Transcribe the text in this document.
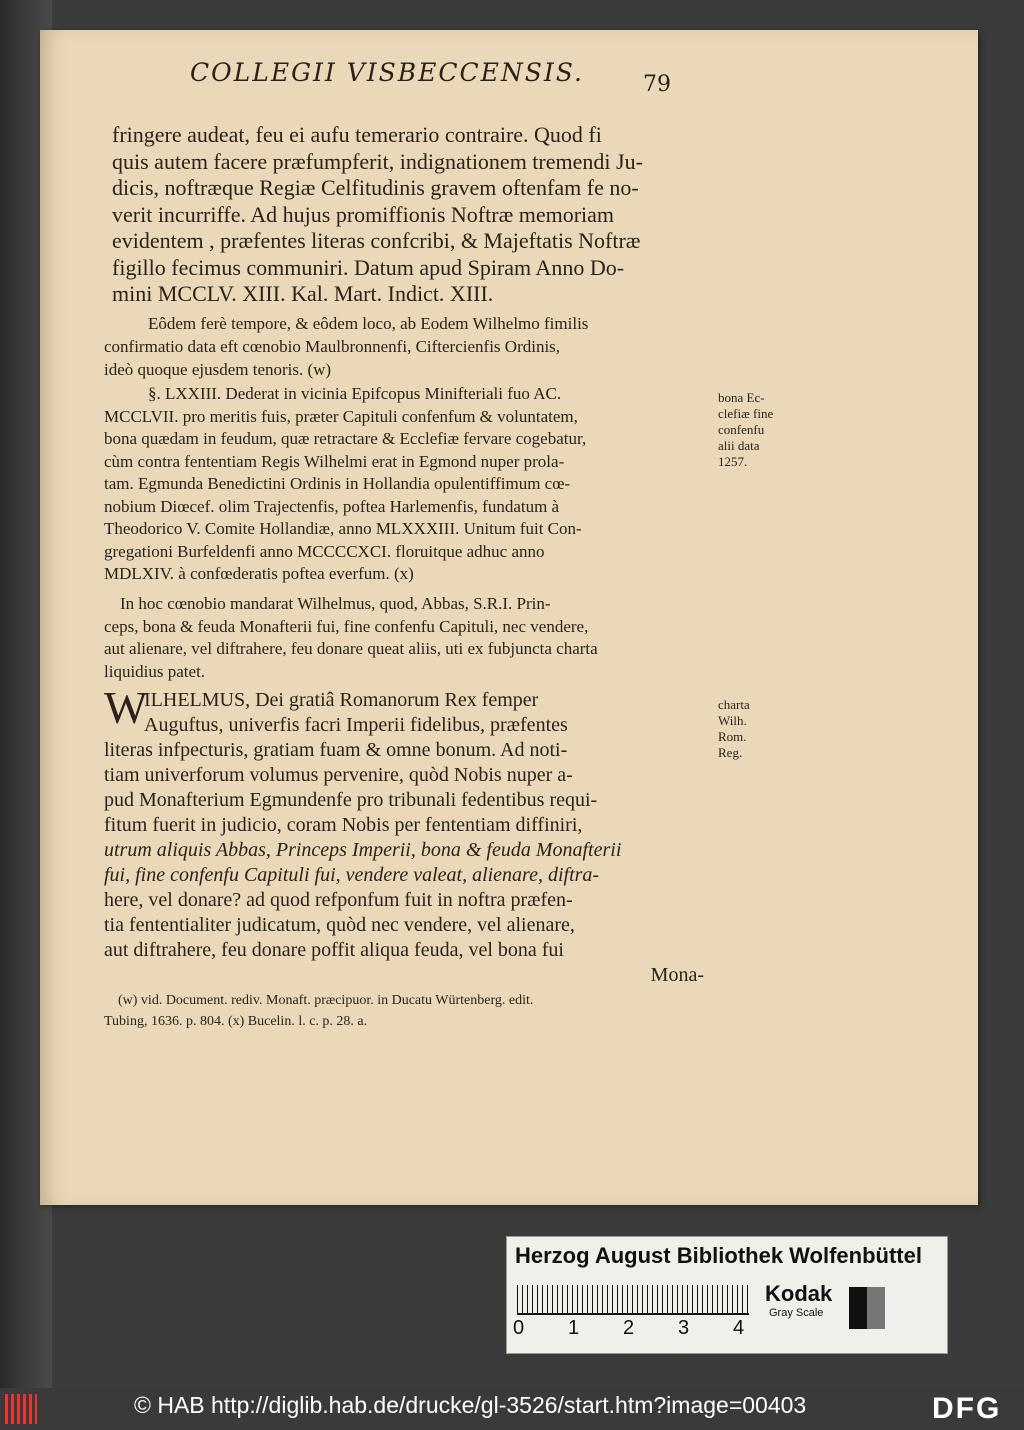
COLLEGII VISBECCENSIS.	79
fringere audeat, feu ei aufu temerario contraire. Quod fi
quis autem facere præfumpferit, indignationem tremendi Ju-
dicis, noftræque Regiæ Celfitudinis gravem oftenfam fe no-
verit incurriffe. Ad hujus promiffionis Noftræ memoriam
evidentem , præfentes literas confcribi, & Majeftatis Noftræ
figillo fecimus communiri. Datum apud Spiram Anno Do-
mini MCCLV. XIII. Kal. Mart. Indict. XIII.
Eôdem ferè tempore, & eôdem loco, ab Eodem Wilhelmo fimilis
confirmatio data eft cœnobio Maulbronnenfi, Ciftercienfis Ordinis,
ideò quoque ejusdem tenoris. (w)
§. LXXIII. Dederat in vicinia Epifcopus Minifteriali fuo AC.
MCCLVII. pro meritis fuis, præter Capituli confenfum & voluntatem,
bona quædam in feudum, quæ retractare & Ecclefiæ fervare cogebatur,
cùm contra fententiam Regis Wilhelmi erat in Egmond nuper prola-
tam. Egmunda Benedictini Ordinis in Hollandia opulentiffimum cœ-
nobium Diœcef. olim Trajectenfis, poftea Harlemenfis, fundatum à
Theodorico V. Comite Hollandiæ, anno MLXXXIII. Unitum fuit Con-
gregationi Burfeldenfi anno MCCCCXCI. floruitque adhuc anno
MDLXIV. à confœderatis poftea everfum. (x)
In hoc cœnobio mandarat Wilhelmus, quod, Abbas, S.R.I. Prin-
ceps, bona & feuda Monafterii fui, fine confenfu Capituli, nec vendere,
aut alienare, vel diftrahere, feu donare queat aliis, uti ex fubjuncta charta
liquidius patet.
W
ILHELMUS, Dei gratiâ Romanorum Rex femper
Auguftus, univerfis facri Imperii fidelibus, præfentes
literas infpecturis, gratiam fuam & omne bonum. Ad noti-
tiam univerforum volumus pervenire, quòd Nobis nuper a-
pud Monafterium Egmundenfe pro tribunali fedentibus requi-
fitum fuerit in judicio, coram Nobis per fententiam diffiniri,
utrum aliquis Abbas, Princeps Imperii, bona & feuda Monafterii
fui, fine confenfu Capituli fui, vendere valeat, alienare, diftra-
here, vel donare? ad quod refponfum fuit in noftra præfen-
tia fententialiter judicatum, quòd nec vendere, vel alienare,
aut diftrahere, feu donare poffit aliqua feuda, vel bona fui
Mona-
(w) vid. Document. rediv. Monaft. præcipuor. in Ducatu Würtenberg. edit.
Tubing, 1636. p. 804. (x) Bucelin. l. c. p. 28. a.
bona Ec-
clefiæ fine
confenfu
alii data
1257.
charta
Wilh.
Rom.
Reg.
Herzog August Bibliothek Wolfenbüttel
0 1 2 3 4
Kodak
Gray Scale
© HAB http://diglib.hab.de/drucke/gl-3526/start.htm?image=00403	DFG
